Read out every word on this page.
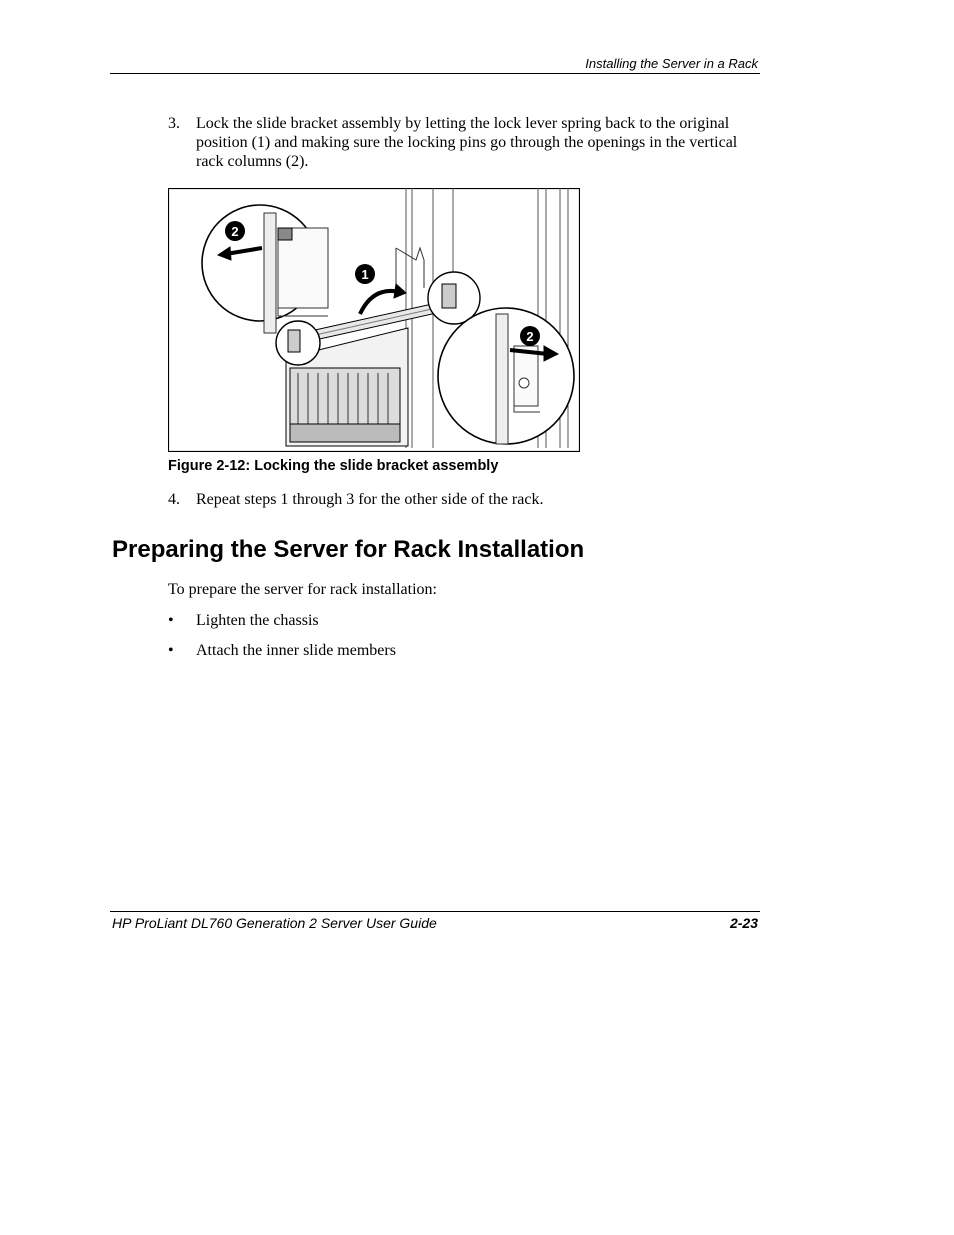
Installing the Server in a Rack
3. Lock the slide bracket assembly by letting the lock lever spring back to the original position (1) and making sure the locking pins go through the openings in the vertical rack columns (2).
2
1
2
Figure 2-12: Locking the slide bracket assembly
4. Repeat steps 1 through 3 for the other side of the rack.
Preparing the Server for Rack Installation
To prepare the server for rack installation:
• Lighten the chassis
• Attach the inner slide members
HP ProLiant DL760 Generation 2 Server User Guide	2-23
